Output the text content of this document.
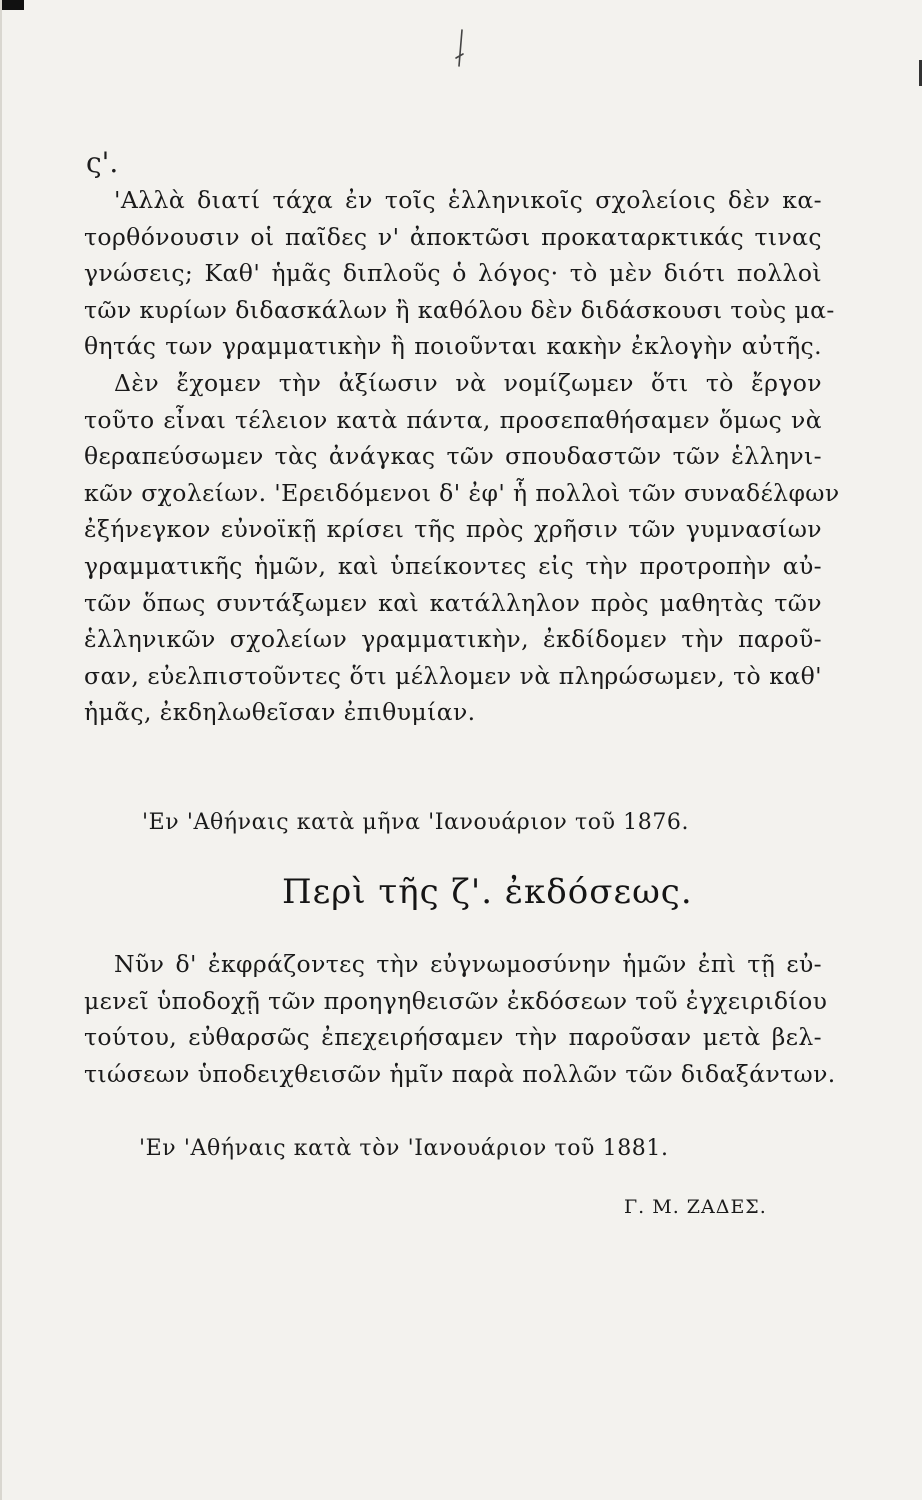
ς'.
'Αλλὰ διατί τάχα ἐν τοῖς ἑλληνικοῖς σχολείοις δὲν κα-
τορθόνουσιν οἱ παῖδες ν' ἀποκτῶσι προκαταρκτικάς τινας
γνώσεις; Καθ' ἡμᾶς διπλοῦς ὁ λόγος· τὸ μὲν διότι πολλοὶ
τῶν κυρίων διδασκάλων ἢ καθόλου δὲν διδάσκουσι τοὺς μα-
θητάς των γραμματικὴν ἢ ποιοῦνται κακὴν ἐκλογὴν αὐτῆς.
Δὲν ἔχομεν τὴν ἀξίωσιν νὰ νομίζωμεν ὅτι τὸ ἔργον
τοῦτο εἶναι τέλειον κατὰ πάντα, προσεπαθήσαμεν ὅμως νὰ
θεραπεύσωμεν τὰς ἀνάγκας τῶν σπουδαστῶν τῶν ἑλληνι-
κῶν σχολείων. 'Ερειδόμενοι δ' ἐφ' ἧ πολλοὶ τῶν συναδέλφων
ἐξήνεγκον εὐνοϊκῇ κρίσει τῆς πρὸς χρῆσιν τῶν γυμνασίων
γραμματικῆς ἡμῶν, καὶ ὑπείκοντες εἰς τὴν προτροπὴν αὐ-
τῶν ὅπως συντάξωμεν καὶ κατάλληλον πρὸς μαθητὰς τῶν
ἑλληνικῶν σχολείων γραμματικὴν, ἐκδίδομεν τὴν παροῦ-
σαν, εὐελπιστοῦντες ὅτι μέλλομεν νὰ πληρώσωμεν, τὸ καθ'
ἡμᾶς, ἐκδηλωθεῖσαν ἐπιθυμίαν.
'Εν 'Αθήναις κατὰ μῆνα 'Ιανουάριον τοῦ 1876.
Περὶ τῆς ζ'. ἐκδόσεως.
Νῦν δ' ἐκφράζοντες τὴν εὐγνωμοσύνην ἡμῶν ἐπὶ τῇ εὐ-
μενεῖ ὑποδοχῇ τῶν προηγηθεισῶν ἐκδόσεων τοῦ ἐγχειριδίου
τούτου, εὐθαρσῶς ἐπεχειρήσαμεν τὴν παροῦσαν μετὰ βελ-
τιώσεων ὑποδειχθεισῶν ἡμῖν παρὰ πολλῶν τῶν διδαξάντων.
'Εν 'Αθήναις κατὰ τὸν 'Ιανουάριον τοῦ 1881.
Γ. Μ. ΖΑΔΕΣ.
